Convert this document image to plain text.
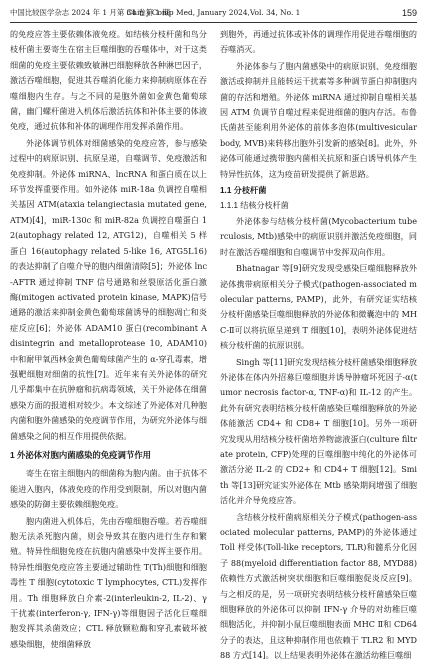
中国比较医学杂志 2024 年 1 月第 34 卷第 1 期
Chin J Comp Med, January 2024,Vol. 34, No. 1	159

的免疫应答主要依赖体液免疫。如结核分枝杆菌和鸟分枝杆菌主要寄生在宿主巨噬细胞的吞噬体中，对于这类细菌的免疫主要依赖致敏淋巴细胞释放各种淋巴因子，激活吞噬细胞，促进其吞噬消化能力来抑制病原体在吞噬细胞内生存。与之不同的是胞外菌如金黄色葡萄球菌，幽门螺杆菌进入机体后激活抗体和补体主要的体液免疫，通过抗体和补体的调理作用发挥杀菌作用。

外泌体调节机体对细菌感染的免疫应答，参与感染过程中的病原识别、抗原呈递，自噬调节、免疫激活和免疫抑制。外泌体 miRNA、lncRNA 和蛋白质在以上环节发挥重要作用。如外泌体 miR-18a 负调控自噬相关基因 ATM(ataxia telangiectasia mutated gene, ATM)[4]，miR-130c 和 miR-82a 负调控自噬蛋白 12(autophagy related 12, ATG12)，自噬相关 5 样蛋白 16(autophagy related 5-like 16, ATG5L16)的表达抑制了自噬介导的胞内细菌清除[5]；外泌体 lnc-AFTR 通过抑制 TNF 信号通路和丝裂原活化蛋白激酶(mitogen activated protein kinase, MAPK)信号通路的激活来抑制金黄色葡萄球菌诱导的细胞凋亡和炎症反应[6]；外泌体 ADAM10 蛋白(recombinant A disintegrin and metalloprotease 10, ADAM10)中和耐甲氧西林金黄色葡萄球菌产生的 α-穿孔毒素，增强靶细胞对细菌的抗性[7]。近年来有关外泌体的研究几乎都集中在抗肿瘤和抗病毒领域，关于外泌体在细菌感染方面的报道相对较少。本文综述了外泌体对几种胞内菌和胞外菌感染的免疫调节作用，为研究外泌体与细菌感染之间的相互作用提供依据。

1 外泌体对胞内菌感染的免疫调节作用

寄生在宿主细胞内的细菌称为胞内菌。由于抗体不能进入胞内，体液免疫的作用受到限制，所以对胞内菌感染的防御主要依赖细胞免疫。

胞内菌进入机体后，先由吞噬细胞吞噬。若吞噬细胞无法杀死胞内菌，则会导致其在胞内进行生存和繁殖。特异性细胞免疫在抗胞内菌感染中发挥主要作用。特异性细胞免疫应答主要通过辅助性 T(Th)细胞和细胞毒性 T 细胞(cytotoxic T lymphocytes, CTL)发挥作用。Th 细胞释放白介素-2(interleukin-2, IL-2)、γ 干扰素(interferon-γ, IFN-γ)等细胞因子活化巨噬细胞发挥其杀菌效应；CTL 释放颗粒酶和穿孔素破坏被感染细胞，使细菌释放

到胞外，再通过抗体或补体的调理作用促进吞噬细胞的吞噬消灭。

外泌体参与了胞内菌感染中的病原识别、免疫细胞激活或抑制并且能转运干扰素等多种调节蛋白抑制胞内菌的存活和增殖。外泌体 miRNA 通过抑制自噬相关基因 ATM 负调节自噬过程来促进细菌的胞内存活。布鲁氏菌甚至能利用外泌体的前体多泡体(multivesicular body, MVB)来转移出胞外引发新的感染[8]。此外，外泌体可能通过携带胞内菌相关抗原和蛋白诱导机体产生特异性抗体，这为疫苗研发提供了新思路。

1.1 分枝杆菌
1.1.1 结核分枝杆菌

外泌体参与结核分枝杆菌(Mycobacterium tuberculosis, Mtb)感染中的病原识别并激活免疫细胞，同时在激活吞噬细胞和自噬调节中发挥双向作用。

Bhatnagar 等[9]研究发现受感染巨噬细胞释放外泌体携带病原相关分子模式(pathogen-associated molecular patterns, PAMP)，此外，有研究证实结核分枝杆菌感染巨噬细胞释放的外泌体和微囊泡中的 MHC-Ⅱ可以将抗原呈递到 T 细胞[10]，表明外泌体促进结核分枝杆菌的抗原识别。

Singh 等[11]研究发现结核分枝杆菌感染细胞释放外泌体在体内外招募巨噬细胞并诱导肿瘤坏死因子-α(tumor necrosis factor-α, TNF-α)和 IL-12 的产生。此外有研究表明结核分枝杆菌感染巨噬细胞释放的外泌体能激活 CD4+ 和 CD8+ T 细胞[10]。另外一项研究发现从用结核分枝杆菌培养物滤液蛋白(culture filtrate protein, CFP)处理的巨噬细胞中纯化的外泌体可激活分泌 IL-2 的 CD2+ 和 CD4+ T 细胞[12]。Smith 等[13]研究证实外泌体在 Mtb 感染期间增强了细胞活化并介导免疫应答。

含结核分枝杆菌病原相关分子模式(pathogen-associated molecular patterns, PAMP)的外泌体通过 Toll 样受体(Toll-like receptors, TLR)和髓系分化因子 88(myeloid differentiation factor 88, MYD88)依赖性方式激活树突状细胞和巨噬细胞促炎反应[9]。与之相反的是，另一项研究表明结核分枝杆菌感染巨噬细胞释放的外泌体可以抑制 IFN-γ 介导的对幼稚巨噬细胞活化，并抑制小鼠巨噬细胞表面 MHC Ⅱ和 CD64 分子的表达，且这种抑制作用也依赖于 TLR2 和 MYD88 方式[14]。以上结果表明外泌体在激活幼稚巨噬细
